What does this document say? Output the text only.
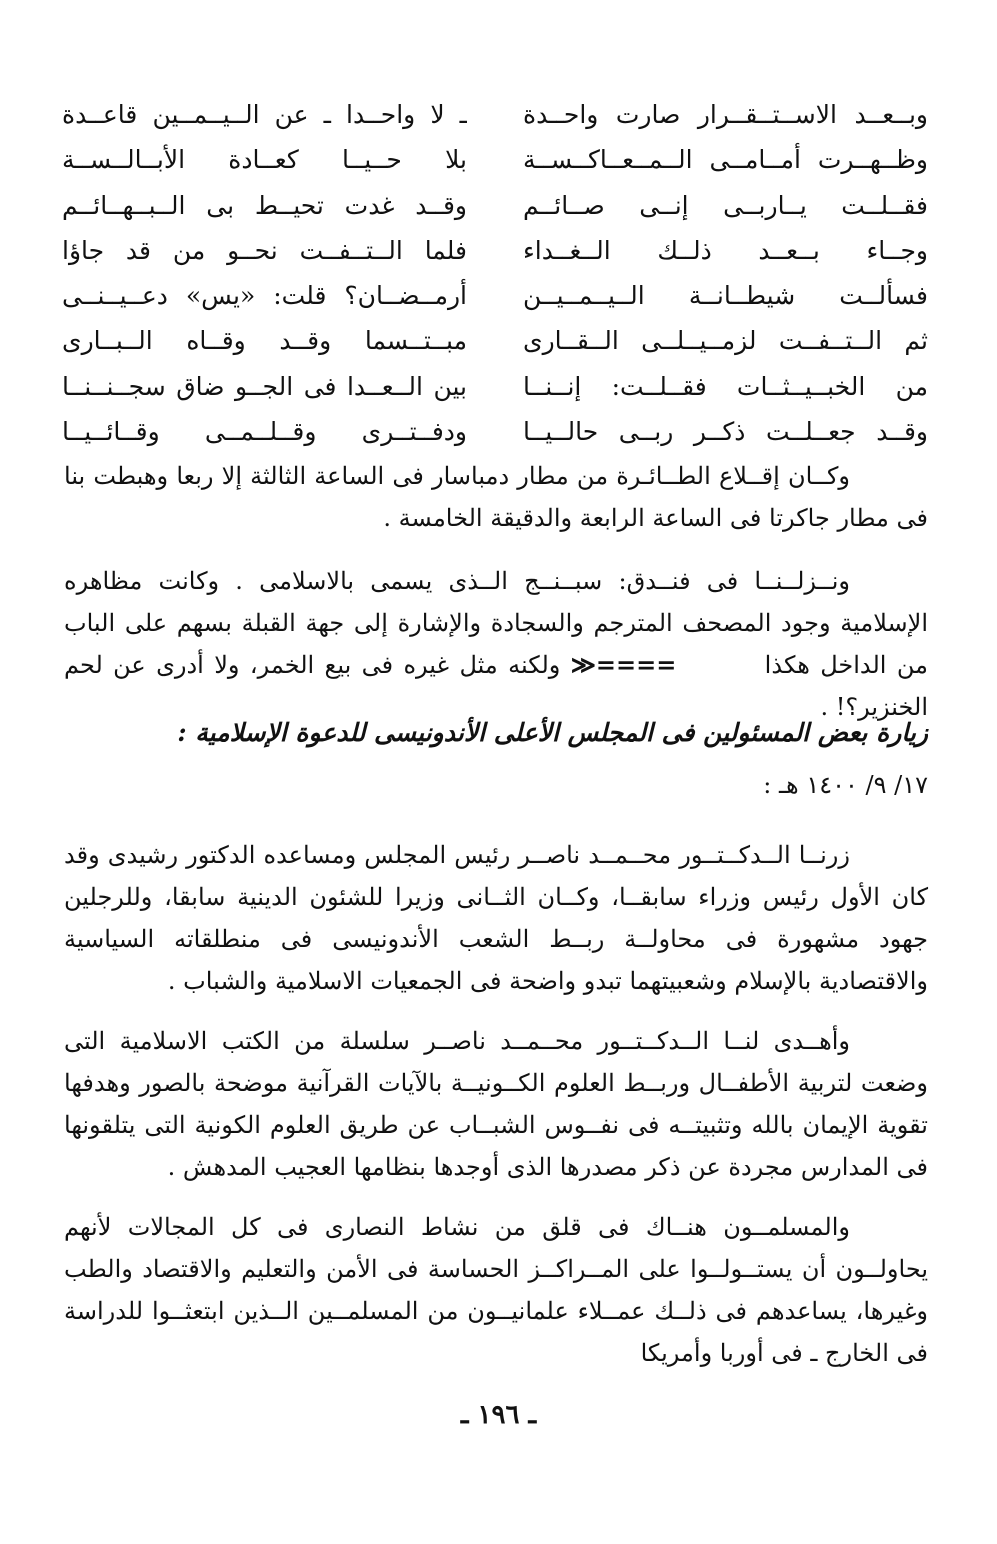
وبــعــد الاســتــقــرار صارت واحــدة
وظــهــرت أمــامــى الــمــعــاكــســة
فقــلــت يــاربــى إنــى صــائــم
وجــاء بــعــد ذلــك الــغــداء
فسألــت شيطــانــة الــيــمــيــن
ثم الــتــفــت لزمــيــلــى الــقــارى
من الخبــيــثــات فقــلــت: إنــنــا
وقــد جعــلــت ذكــر ربــى حالــيــا
ـ لا واحــدا ـ عن الــيــمــين قاعــدة
بلا حــيــا كعــادة الأبــالــســة
وقــد غدت تحيــط بى الــبــهــائــم
فلما الــتــفــت نحــو من قد جاؤا
أرمــضــان؟ قلت: «يس» دعــيــنــى
مبــتــسما وقــد وقــاه الــبــارى
بين الــعــدا فى الجــو ضاق سجــنــنــا
ودفــتــرى وقــلــمــى وقــائــيــا

وكــان إقــلاع الطــائـرة من مطار دمباسار فى الساعة الثالثة إلا ربعا وهبطت بنا فى مطار جاكرتا فى الساعة الرابعة والدقيقة الخامسة .

ونــزلــنــا فى فنــدق: سبــنــج الــذى يسمى بالاسلامى . وكانت مظاهره الإسلامية وجود المصحف المترجم والسجادة والإشارة إلى جهة القبلة بسهم على الباب من الداخل هكذا ====≪ ولكنه مثل غيره فى بيع الخمر، ولا أدرى عن لحم الخنزير؟! .

زيارة بعض المسئولين فى المجلس الأعلى الأندونيسى للدعوة الإسلامية :
١٧/ ٩/ ١٤٠٠ هـ :

زرنــا الــدكــتــور محــمــد ناصــر رئيس المجلس ومساعده الدكتور رشيدى وقد كان الأول رئيس وزراء سابقــا، وكــان الثــانى وزيرا للشئون الدينية سابقا، وللرجلين جهود مشهورة فى محاولــة ربــط الشعب الأندونيسى فى منطلقاته السياسية والاقتصادية بالإسلام وشعبيتهما تبدو واضحة فى الجمعيات الاسلامية والشباب .

وأهــدى لنــا الــدكــتــور محــمــد ناصــر سلسلة من الكتب الاسلامية التى وضعت لتربية الأطفــال وربــط العلوم الكــونيــة بالآيات القرآنية موضحة بالصور وهدفها تقوية الإيمان بالله وتثبيتــه فى نفــوس الشبــاب عن طريق العلوم الكونية التى يتلقونها فى المدارس مجردة عن ذكر مصدرها الذى أوجدها بنظامها العجيب المدهش .

والمسلمــون هنــاك فى قلق من نشاط النصارى فى كل المجالات لأنهم يحاولــون أن يستــولــوا على المــراكــز الحساسة فى الأمن والتعليم والاقتصاد والطب وغيرها، يساعدهم فى ذلــك عمــلاء علمانيــون من المسلمــين الــذين ابتعثــوا للدراسة فى الخارج ـ فى أوربا وأمريكا

ـ ١٩٦ ـ
